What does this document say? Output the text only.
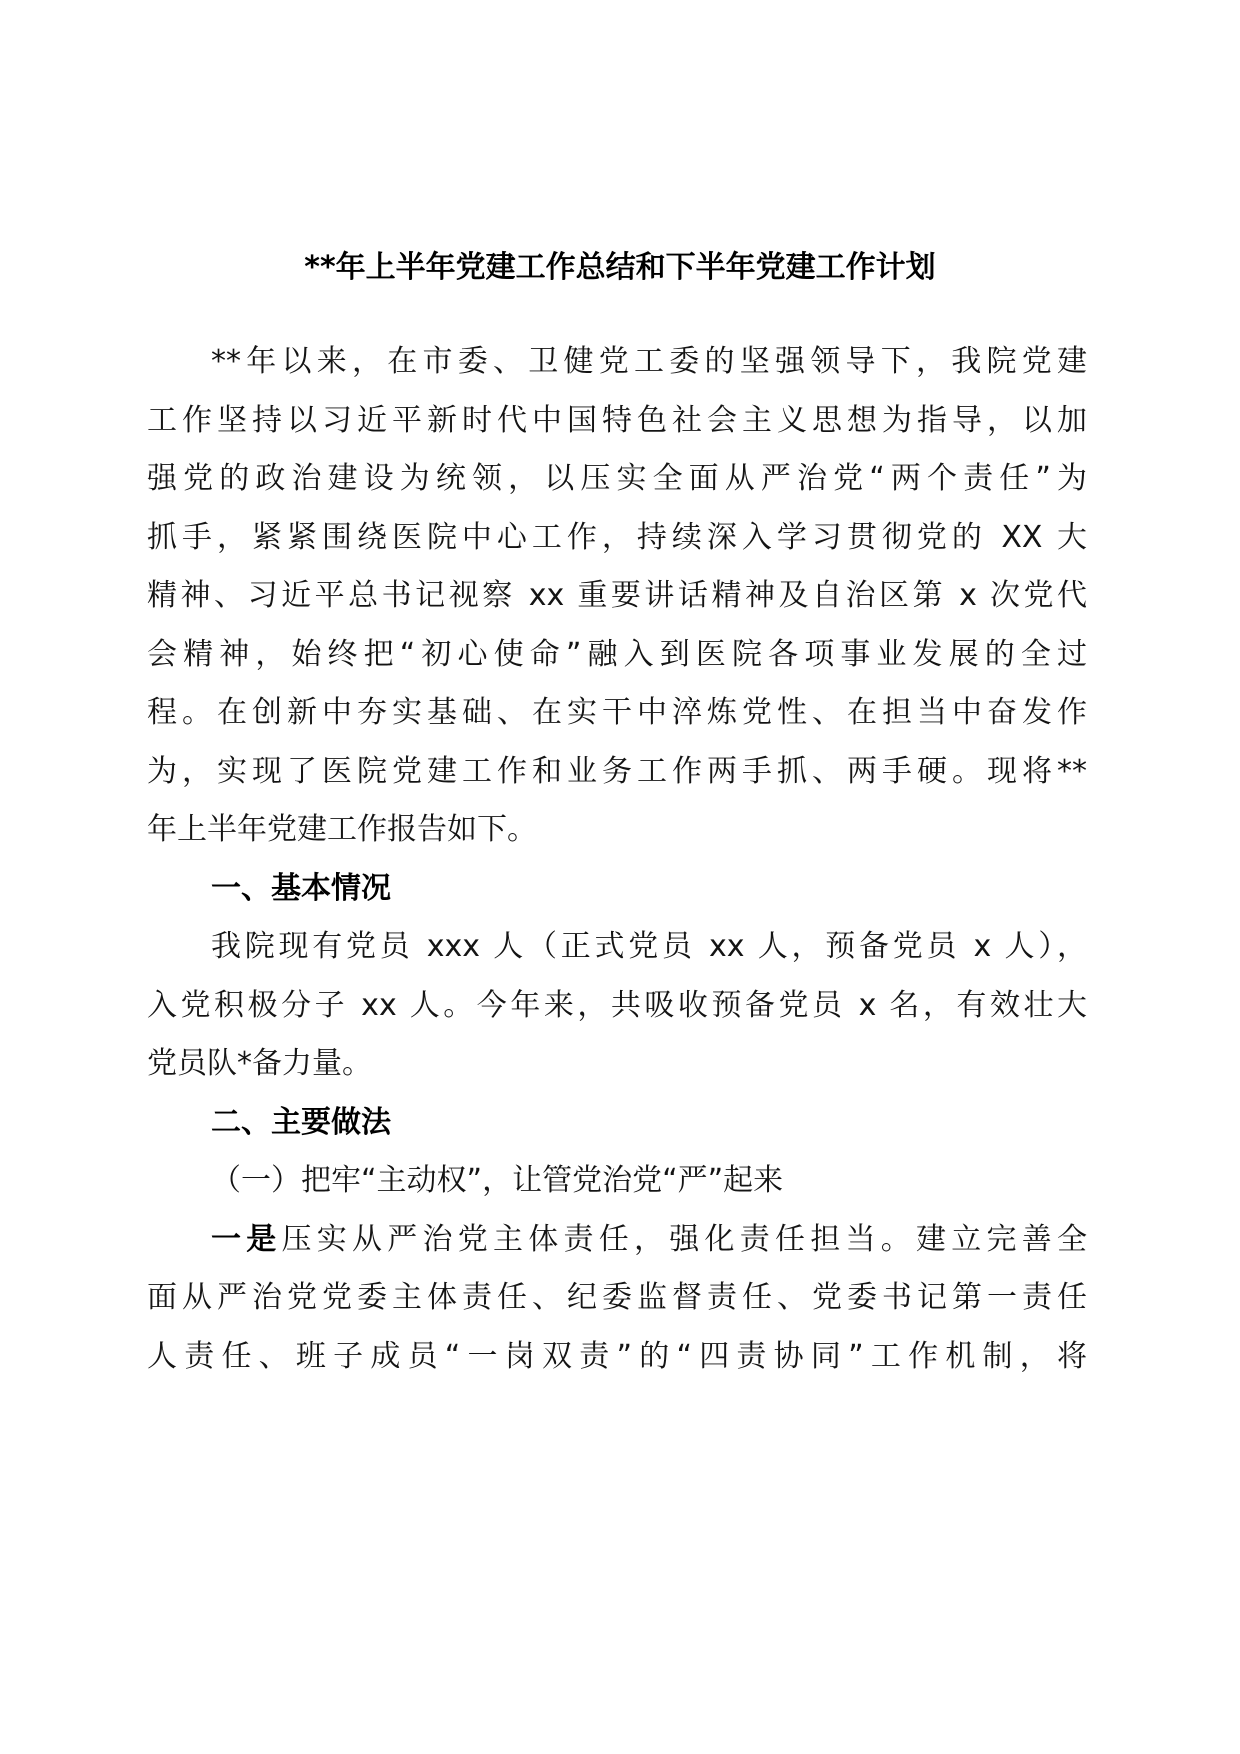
**年上半年党建工作总结和下半年党建工作计划
**年以来，在市委、卫健党工委的坚强领导下，我院党建
工作坚持以习近平新时代中国特色社会主义思想为指导，以加
强党的政治建设为统领，以压实全面从严治党“两个责任”为
抓手，紧紧围绕医院中心工作，持续深入学习贯彻党的 XX 大
精神、习近平总书记视察 xx 重要讲话精神及自治区第 x 次党代
会精神，始终把“初心使命”融入到医院各项事业发展的全过
程。在创新中夯实基础、在实干中淬炼党性、在担当中奋发作
为，实现了医院党建工作和业务工作两手抓、两手硬。现将**
年上半年党建工作报告如下。
一、基本情况
我院现有党员 xxx 人（正式党员 xx 人，预备党员 x 人），
入党积极分子 xx 人。今年来，共吸收预备党员 x 名，有效壮大
党员队*备力量。
二、主要做法
（一）把牢“主动权”，让管党治党“严”起来
一是压实从严治党主体责任，强化责任担当。建立完善全
面从严治党党委主体责任、纪委监督责任、党委书记第一责任
人责任、班子成员“一岗双责”的“四责协同”工作机制，将
